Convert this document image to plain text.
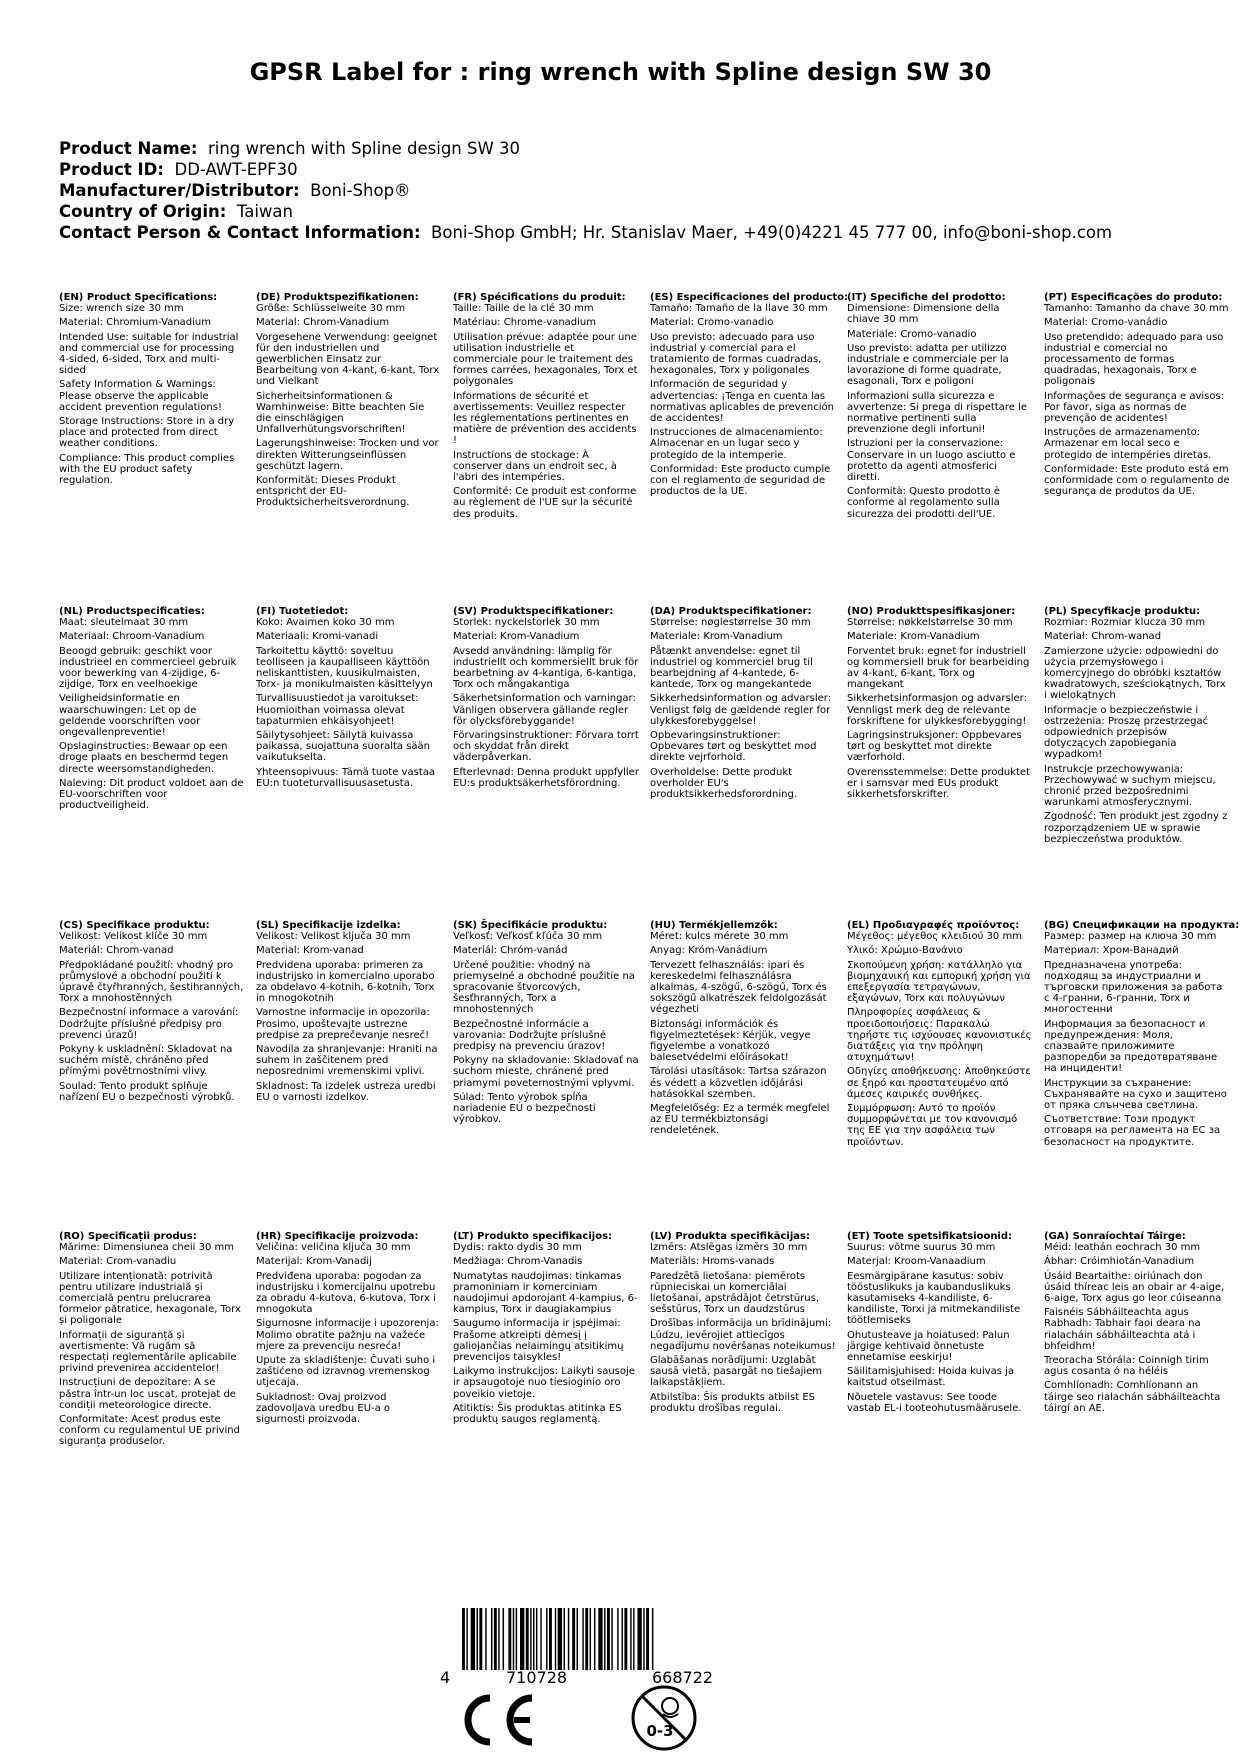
GPSR Label for : ring wrench with Spline design SW 30
Product Name: ring wrench with Spline design SW 30
Product ID: DD-AWT-EPF30
Manufacturer/Distributor: Boni-Shop®
Country of Origin: Taiwan
Contact Person & Contact Information: Boni-Shop GmbH; Hr. Stanislav Maer, +49(0)4221 45 777 00, info@boni-shop.com
(EN) Product Specifications:

Size: wrench size 30 mm

Material: Chromium-Vanadium

Intended Use: suitable for industrial and commercial use for processing 4-sided, 6-sided, Torx and multi-sided

Safety Information & Warnings: Please observe the applicable accident prevention regulations!

Storage Instructions: Store in a dry place and protected from direct weather conditions.

Compliance: This product complies with the EU product safety regulation.

(DE) Produktspezifikationen:

Größe: Schlüsselweite 30 mm

Material: Chrom-Vanadium

Vorgesehene Verwendung: geeignet für den industriellen und gewerblichen Einsatz zur Bearbeitung von 4-kant, 6-kant, Torx und Vielkant

Sicherheitsinformationen & Warnhinweise: Bitte beachten Sie die einschlägigen Unfallverhütungsvorschriften!

Lagerungshinweise: Trocken und vor direkten Witterungseinflüssen geschützt lagern.

Konformität: Dieses Produkt entspricht der EU-Produktsicherheitsverordnung.

(FR) Spécifications du produit:

Taille: Taille de la clé 30 mm

Matériau: Chrome-vanadium

Utilisation prévue: adaptée pour une utilisation industrielle et commerciale pour le traitement des formes carrées, hexagonales, Torx et polygonales

Informations de sécurité et avertissements: Veuillez respecter les réglementations pertinentes en matière de prévention des accidents !

Instructions de stockage: À conserver dans un endroit sec, à l'abri des intempéries.

Conformité: Ce produit est conforme au règlement de l'UE sur la sécurité des produits.

(ES) Especificaciones del producto:

Tamaño: Tamaño de la llave 30 mm

Material: Cromo-vanadio

Uso previsto: adecuado para uso industrial y comercial para el tratamiento de formas cuadradas, hexagonales, Torx y poligonales

Información de seguridad y advertencias: ¡Tenga en cuenta las normativas aplicables de prevención de accidentes!

Instrucciones de almacenamiento: Almacenar en un lugar seco y protegido de la intemperie.

Conformidad: Este producto cumple con el reglamento de seguridad de productos de la UE.

(IT) Specifiche del prodotto:

Dimensione: Dimensione della chiave 30 mm

Materiale: Cromo-vanadio

Uso previsto: adatta per utilizzo industriale e commerciale per la lavorazione di forme quadrate, esagonali, Torx e poligoni

Informazioni sulla sicurezza e avvertenze: Si prega di rispettare le normative pertinenti sulla prevenzione degli infortuni!

Istruzioni per la conservazione: Conservare in un luogo asciutto e protetto da agenti atmosferici diretti.

Conformità: Questo prodotto è conforme al regolamento sulla sicurezza dei prodotti dell'UE.

(PT) Especificações do produto:

Tamanho: Tamanho da chave 30 mm

Material: Cromo-vanádio

Uso pretendido: adequado para uso industrial e comercial no processamento de formas quadradas, hexagonais, Torx e poligonais

Informações de segurança e avisos: Por favor, siga as normas de prevenção de acidentes!

Instruções de armazenamento: Armazenar em local seco e protegido de intempéries diretas.

Conformidade: Este produto está em conformidade com o regulamento de segurança de produtos da UE.

(NL) Productspecificaties:

Maat: sleutelmaat 30 mm

Materiaal: Chroom-Vanadium

Beoogd gebruik: geschikt voor industrieel en commercieel gebruik voor bewerking van 4-zijdige, 6-zijdige, Torx en veelhoekige

Veiligheidsinformatie en waarschuwingen: Let op de geldende voorschriften voor ongevallenpreventie!

Opslaginstructies: Bewaar op een droge plaats en beschermd tegen directe weersomstandigheden.

Naleving: Dit product voldoet aan de EU-voorschriften voor productveiligheid.

(FI) Tuotetiedot:

Koko: Avaimen koko 30 mm

Materiaali: Kromi-vanadi

Tarkoitettu käyttö: soveltuu teolliseen ja kaupalliseen käyttöön neliskanttisten, kuusikulmaisten, Torx- ja monikulmaisten käsittelyyn

Turvallisuustiedot ja varoitukset: Huomioithan voimassa olevat tapaturmien ehkäisyohjeet!

Säilytysohjeet: Säilytä kuivassa paikassa, suojattuna suoralta sään vaikutukselta.

Yhteensopivuus: Tämä tuote vastaa EU:n tuoteturvallisuusasetusta.

(SV) Produktspecifikationer:

Storlek: nyckelstorlek 30 mm

Material: Krom-Vanadium

Avsedd användning: lämplig för industriellt och kommersiellt bruk för bearbetning av 4-kantiga, 6-kantiga, Torx och mångakantiga

Säkerhetsinformation och varningar: Vänligen observera gällande regler för olycksförebyggande!

Förvaringsinstruktioner: Förvara torrt och skyddat från direkt väderpåverkan.

Efterlevnad: Denna produkt uppfyller EU:s produktsäkerhetsförordning.

(DA) Produktspecifikationer:

Størrelse: nøglestørrelse 30 mm

Materiale: Krom-Vanadium

Påtænkt anvendelse: egnet til industriel og kommerciel brug til bearbejdning af 4-kantede, 6-kantede, Torx og mangekantede

Sikkerhedsinformation og advarsler: Venligst følg de gældende regler for ulykkesforebyggelse!

Opbevaringsinstruktioner: Opbevares tørt og beskyttet mod direkte vejrforhold.

Overholdelse: Dette produkt overholder EU's produktsikkerhedsforordning.

(NO) Produkttspesifikasjoner:

Størrelse: nøkkelstørrelse 30 mm

Materiale: Krom-Vanadium

Forventet bruk: egnet for industriell og kommersiell bruk for bearbeiding av 4-kant, 6-kant, Torx og mangekant

Sikkerhetsinformasjon og advarsler: Vennligst merk deg de relevante forskriftene for ulykkesforebygging!

Lagringsinstruksjoner: Oppbevares tørt og beskyttet mot direkte værforhold.

Overensstemmelse: Dette produktet er i samsvar med EUs produkt sikkerhetsforskrifter.

(PL) Specyfikacje produktu:

Rozmiar: Rozmiar klucza 30 mm

Materiał: Chrom-wanad

Zamierzone użycie: odpowiedni do użycia przemysłowego i komercyjnego do obróbki kształtów kwadratowych, sześciokątnych, Torx i wielokątnych

Informacje o bezpieczeństwie i ostrzeżenia: Proszę przestrzegać odpowiednich przepisów dotyczących zapobiegania wypadkom!

Instrukcje przechowywania: Przechowywać w suchym miejscu, chronić przed bezpośrednimi warunkami atmosferycznymi.

Zgodność: Ten produkt jest zgodny z rozporządzeniem UE w sprawie bezpieczeństwa produktów.

(CS) Specifikace produktu:

Velikost: Velikost klíče 30 mm

Materiál: Chrom-vanad

Předpokládané použití: vhodný pro průmyslové a obchodní použití k úpravě čtyřhranných, šestihranných, Torx a mnohostěnných

Bezpečnostní informace a varování: Dodržujte příslušné předpisy pro prevenci úrazů!

Pokyny k uskladnění: Skladovat na suchém místě, chráněno před přímými povětrnostními vlivy.

Soulad: Tento produkt splňuje nařízení EU o bezpečnosti výrobků.

(SL) Specifikacije izdelka:

Velikost: Velikost ključa 30 mm

Material: Krom-vanad

Predvidena uporaba: primeren za industrijsko in komercialno uporabo za obdelavo 4-kotnih, 6-kotnih, Torx in mnogokotnih

Varnostne informacije in opozorila: Prosimo, upoštevajte ustrezne predpise za preprečevanje nesreč!

Navodila za shranjevanje: Hraniti na suhem in zaščitenem pred neposrednimi vremenskimi vplivi.

Skladnost: Ta izdelek ustreza uredbi EU o varnosti izdelkov.

(SK) Špecifikácie produktu:

Veľkosť: Veľkosť kľúča 30 mm

Materiál: Chróm-vanád

Určené použitie: vhodný na priemyselné a obchodné použitie na spracovanie štvorcových, šesťhranných, Torx a mnohostenných

Bezpečnostné informácie a varovania: Dodržujte príslušné predpisy na prevenciu úrazov!

Pokyny na skladovanie: Skladovať na suchom mieste, chránené pred priamymi poveternostnými vplyvmi.

Súlad: Tento výrobok spĺňa nariadenie EÚ o bezpečnosti výrobkov.

(HU) Termékjellemzők:

Méret: kulcs mérete 30 mm

Anyag: Króm-Vanádium

Tervezett felhasználás: ipari és kereskedelmi felhasználásra alkalmas, 4-szögű, 6-szögű, Torx és sokszögű alkatrészek feldolgozását végezheti

Biztonsági információk és figyelmeztetések: Kérjük, vegye figyelembe a vonatkozó balesetvédelmi előírásokat!

Tárolási utasítások: Tartsa szárazon és védett a közvetlen időjárási hatásokkal szemben.

Megfelelőség: Ez a termék megfelel az EU termékbiztonsági rendeletének.

(EL) Προδιαγραφές προϊόντος:

Μέγεθος: μέγεθος κλειδιού 30 mm

Υλικό: Χρώμιο-Βανάνιο

Σκοπούμενη χρήση: κατάλληλο για βιομηχανική και εμπορική χρήση για επεξεργασία τετραγώνων, εξαγώνων, Torx και πολυγώνων

Πληροφορίες ασφάλειας & προειδοποιήσεις: Παρακαλώ τηρήστε τις ισχύουσες κανονιστικές διατάξεις για την πρόληψη ατυχημάτων!

Οδηγίες αποθήκευσης: Αποθηκεύστε σε ξηρό και προστατευμένο από άμεσες καιρικές συνθήκες.

Συμμόρφωση: Αυτό το προϊόν συμμορφώνεται με τον κανονισμό της ΕΕ για την ασφάλεια των προϊόντων.

(BG) Спецификации на продукта:

Размер: размер на ключа 30 mm

Материал: Хром-Ванадий

Предназначена употреба: подходящ за индустриални и търговски приложения за работа с 4-гранни, 6-гранни, Torx и многостенни

Информация за безопасност и предупреждения: Моля, спазвайте приложимите разпоредби за предотвратяване на инциденти!

Инструкции за съхранение: Съхранявайте на сухо и защитено от пряка слънчева светлина.

Съответствие: Този продукт отговаря на регламента на ЕС за безопасност на продуктите.

(RO) Specificații produs:

Mărime: Dimensiunea cheii 30 mm

Material: Crom-vanadiu

Utilizare intenționată: potrivită pentru utilizare industrială și comercială pentru prelucrarea formelor pătratice, hexagonale, Torx și poligonale

Informații de siguranță și avertismente: Vă rugăm să respectați reglementările aplicabile privind prevenirea accidentelor!

Instrucțiuni de depozitare: A se păstra într-un loc uscat, protejat de condiții meteorologice directe.

Conformitate: Acest produs este conform cu regulamentul UE privind siguranța produselor.

(HR) Specifikacije proizvoda:

Veličina: veličina ključa 30 mm

Materijal: Krom-Vanadij

Predviđena uporaba: pogodan za industrijsku i komercijalnu upotrebu za obradu 4-kutova, 6-kutova, Torx i mnogokuta

Sigurnosne informacije i upozorenja: Molimo obratite pažnju na važeće mjere za prevenciju nesreća!

Upute za skladištenje: Čuvati suho i zaštićeno od izravnog vremenskog utjecaja.

Sukladnost: Ovaj proizvod zadovoljava uredbu EU-a o sigurnosti proizvoda.

(LT) Produkto specifikacijos:

Dydis: rakto dydis 30 mm

Medžiaga: Chrom-Vanadis

Numatytas naudojimas: tinkamas pramoniniam ir komerciniam naudojimui apdorojant 4-kampius, 6-kampius, Torx ir daugiakampius

Saugumo informacija ir įspėjimai: Prašome atkreipti dėmesį į galiojančias nelaimingų atsitikimų prevencijos taisykles!

Laikymo instrukcijos: Laikyti sausoje ir apsaugotoje nuo tiesioginio oro poveikio vietoje.

Atitiktis: Šis produktas atitinka ES produktų saugos reglamentą.

(LV) Produkta specifikācijas:

Izmērs: Atslēgas izmērs 30 mm

Materiāls: Hroms-vanads

Paredzētā lietošana: piemērots rūpnieciskai un komerciālai lietošanai, apstrādājot četrstūrus, sešstūrus, Torx un daudzstūrus

Drošības informācija un brīdinājumi: Lūdzu, ievērojiet attiecīgos negadījumu novēršanas noteikumus!

Glabāšanas norādījumi: Uzglabāt sausā vietā, pasargāt no tiešajiem laikapstākļiem.

Atbilstība: Šis produkts atbilst ES produktu drošības regulai.

(ET) Toote spetsifikatsioonid:

Suurus: võtme suurus 30 mm

Materjal: Kroom-Vanaadium

Eesmärgipärane kasutus: sobiv tööstuslikuks ja kaubanduslikuks kasutamiseks 4-kandiliste, 6-kandiliste, Torxi ja mitmekandiliste töötlemiseks

Ohutusteave ja hoiatused: Palun järgige kehtivaid õnnetuste ennetamise eeskirju!

Säilitamisjuhised: Hoida kuivas ja kaitstud otseilmast.

Nõuetele vastavus: See toode vastab EL-i tooteohutusmäärusele.

(GA) Sonraíochtaí Táirge:

Méid: leathán eochrach 30 mm

Ábhar: Cróimhiotán-Vanadium

Úsáid Beartaithe: oiriúnach don úsáid thíreac leis an obair ar 4-aige, 6-aige, Torx agus go leor cúiseanna

Faisnéis Sábháilteachta agus Rabhadh: Tabhair faoi deara na rialacháin sábháilteachta atá i bhfeidhm!

Treoracha Stórála: Coinnigh tirim agus cosanta ó na héléis

Comhlíonadh: Comhlíonann an táirge seo rialachán sábháilteachta táirgí an AE.

4	710728	668722
0-3
